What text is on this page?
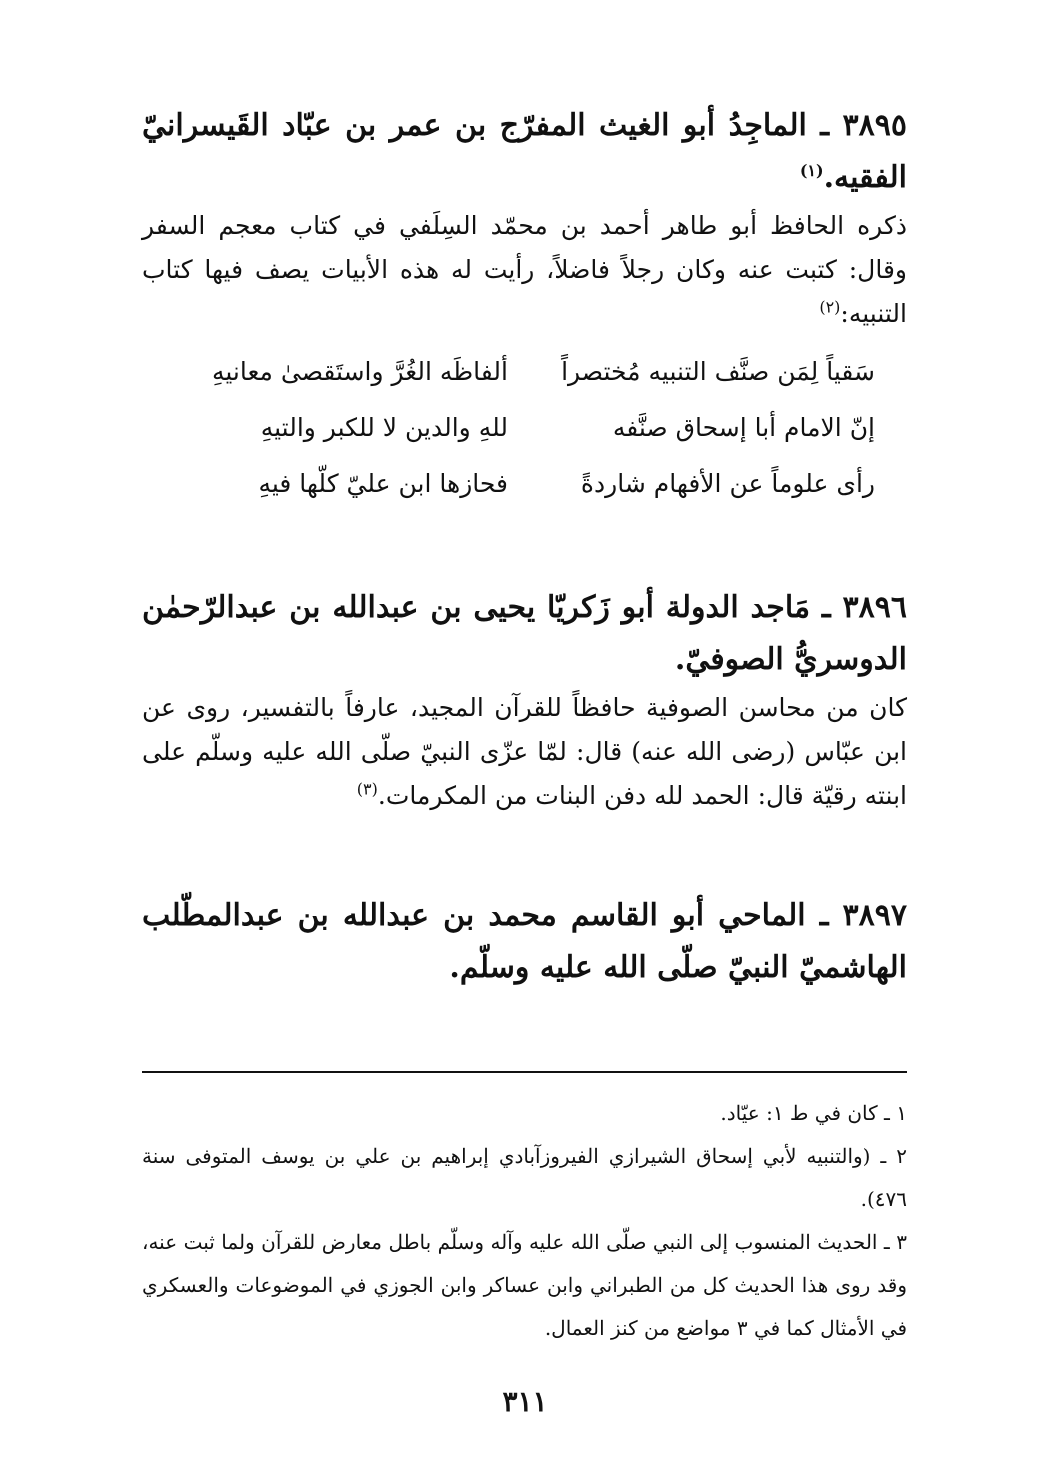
٣٨٩٥ ـ الماجِدُ أبو الغيث المفرّج بن عمر بن عبّاد القَيسرانيّ الفقيه.$^{(١)}$

ذكره الحافظ أبو طاهر أحمد بن محمّد السِلَفي في كتاب معجم السفر وقال: كتبت عنه وكان رجلاً فاضلاً، رأيت له هذه الأبيات يصف فيها كتاب التنبيه:$^{(٢)}$

سَقياً لِمَن صنَّف التنبيه مُختصراً
ألفاظَه الغُرَّ واستَقصىٰ معانيهِ
إنّ الامام أبا إسحاق صنَّفه
للهِ والدين لا للكبر والتيهِ
رأى علوماً عن الأفهام شاردةً
فحازها ابن عليّ كلّها فيهِ

٣٨٩٦ ـ مَاجد الدولة أبو زَكريّا يحيى بن عبدالله بن عبدالرّحمٰن الدوسريُّ الصوفيّ.

كان من محاسن الصوفية حافظاً للقرآن المجيد، عارفاً بالتفسير، روى عن ابن عبّاس (رضى الله عنه) قال: لمّا عزّى النبيّ صلّى الله عليه وسلّم على ابنته رقيّة قال: الحمد لله دفن البنات من المكرمات.$^{(٣)}$

٣٨٩٧ ـ الماحي أبو القاسم محمد بن عبدالله بن عبدالمطّلب الهاشميّ النبيّ صلّى الله عليه وسلّم.

١ ـ كان في ط ١: عيّاد.

٢ ـ (والتنبيه لأبي إسحاق الشيرازي الفيروزآبادي إبراهيم بن علي بن يوسف المتوفى سنة ٤٧٦).

٣ ـ الحديث المنسوب إلى النبي صلّى الله عليه وآله وسلّم باطل معارض للقرآن ولما ثبت عنه، وقد روى هذا الحديث كل من الطبراني وابن عساكر وابن الجوزي في الموضوعات والعسكري في الأمثال كما في ٣ مواضع من كنز العمال.

٣١١
